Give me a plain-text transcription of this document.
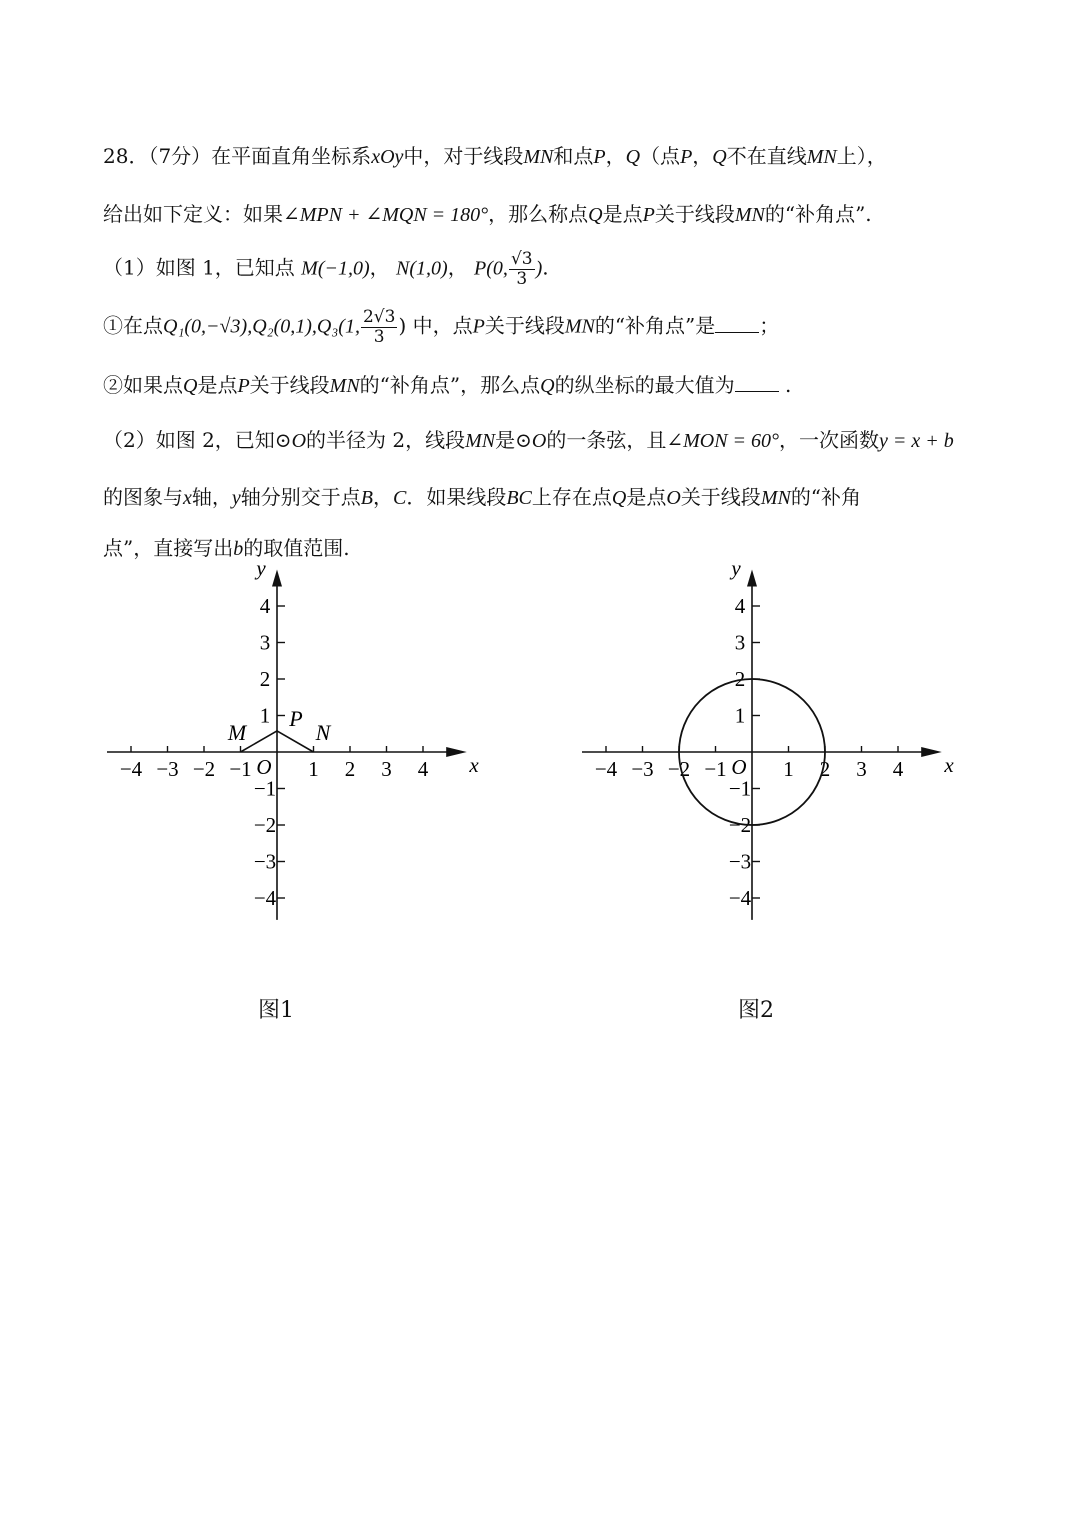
28．（7分）在平面直角坐标系xOy中，对于线段MN和点P，Q（点P，Q不在直线MN上），
给出如下定义：如果∠MPN + ∠MQN = 180°，那么称点Q是点P关于线段MN的“补角点”.
（1）如图 1，已知点 M(−1,0)， N(1,0)， P(0, $\frac{√3}{3}$ ).
①在点Q₁(0,−√3),Q₂(0,1),Q₃(1, $\frac{2√3}{3}$ ) 中，点P关于线段MN的“补角点”是 ；
②如果点Q是点P关于线段MN的“补角点”，那么点Q的纵坐标的最大值为	.
（2）如图 2，已知⊙O的半径为 2，线段MN是⊙O的一条弦，且∠MON = 60°，一次函数y = x + b
的图象与x轴，y轴分别交于点B，C．如果线段BC上存在点Q是点O关于线段MN的“补角
点”，直接写出b的取值范围.
x
y
O
−4 −3 −2 −1	1 2 3 4
4
3
2
1
−1
−2
−3
−4
M	N
P
图1
x
y
O
−4 −3 −2 −1	1 2 3 4
4
3
2
1
−1
−2
−3
−4
图2
